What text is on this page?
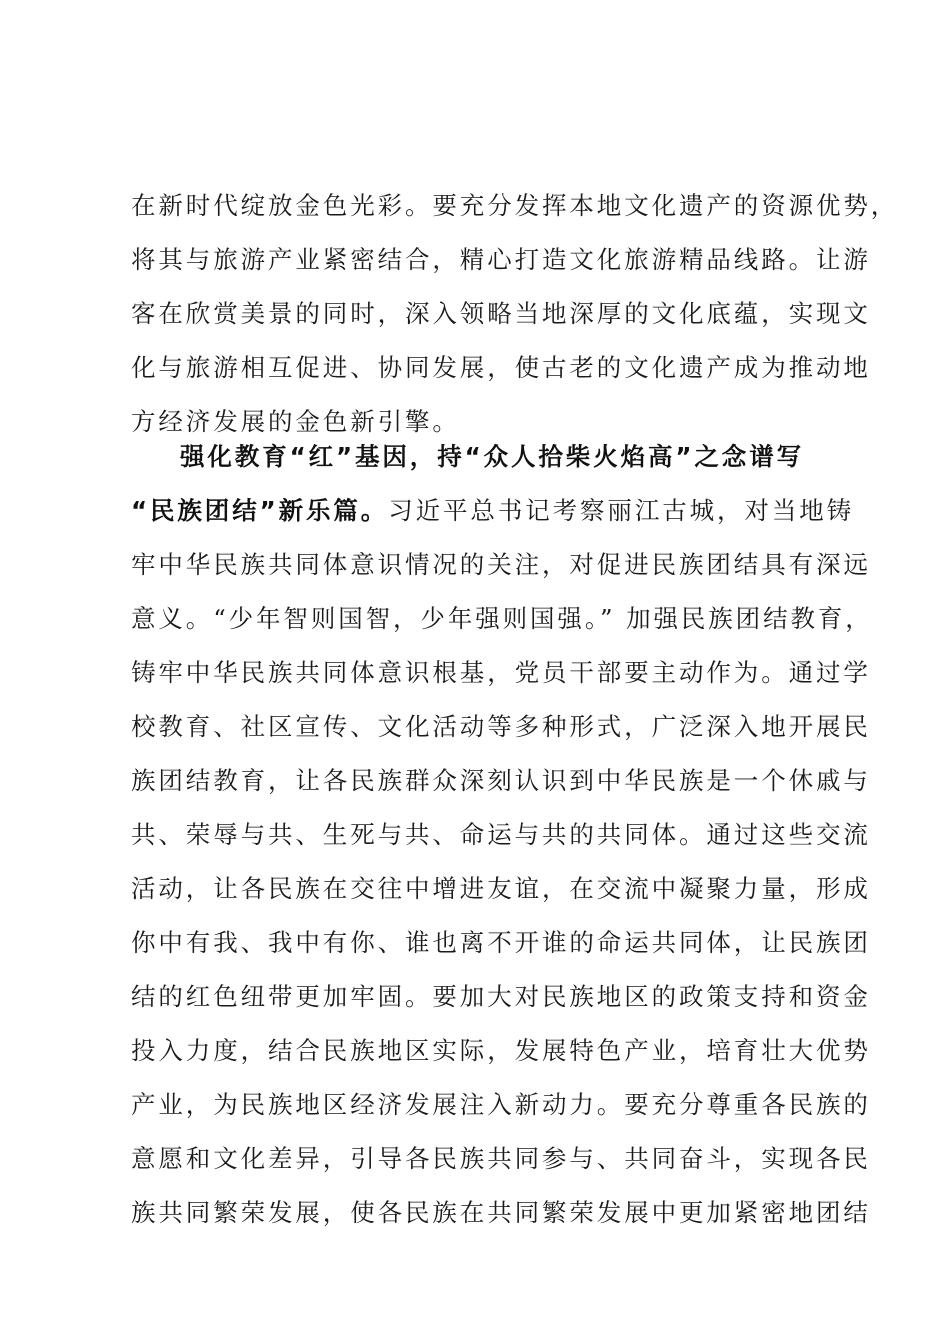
在新时代绽放金色光彩。要充分发挥本地文化遗产的资源优势，
将其与旅游产业紧密结合，精心打造文化旅游精品线路。让游
客在欣赏美景的同时，深入领略当地深厚的文化底蕴，实现文
化与旅游相互促进、协同发展，使古老的文化遗产成为推动地
方经济发展的金色新引擎。
强化教育“红”基因，持“众人拾柴火焰高”之念谱写
“民族团结”新乐篇。习近平总书记考察丽江古城，对当地铸
牢中华民族共同体意识情况的关注，对促进民族团结具有深远
意义。“少年智则国智，少年强则国强。” 加强民族团结教育，
铸牢中华民族共同体意识根基，党员干部要主动作为。通过学
校教育、社区宣传、文化活动等多种形式，广泛深入地开展民
族团结教育，让各民族群众深刻认识到中华民族是一个休戚与
共、荣辱与共、生死与共、命运与共的共同体。通过这些交流
活动，让各民族在交往中增进友谊，在交流中凝聚力量，形成
你中有我、我中有你、谁也离不开谁的命运共同体，让民族团
结的红色纽带更加牢固。要加大对民族地区的政策支持和资金
投入力度，结合民族地区实际，发展特色产业，培育壮大优势
产业，为民族地区经济发展注入新动力。要充分尊重各民族的
意愿和文化差异，引导各民族共同参与、共同奋斗，实现各民
族共同繁荣发展，使各民族在共同繁荣发展中更加紧密地团结
